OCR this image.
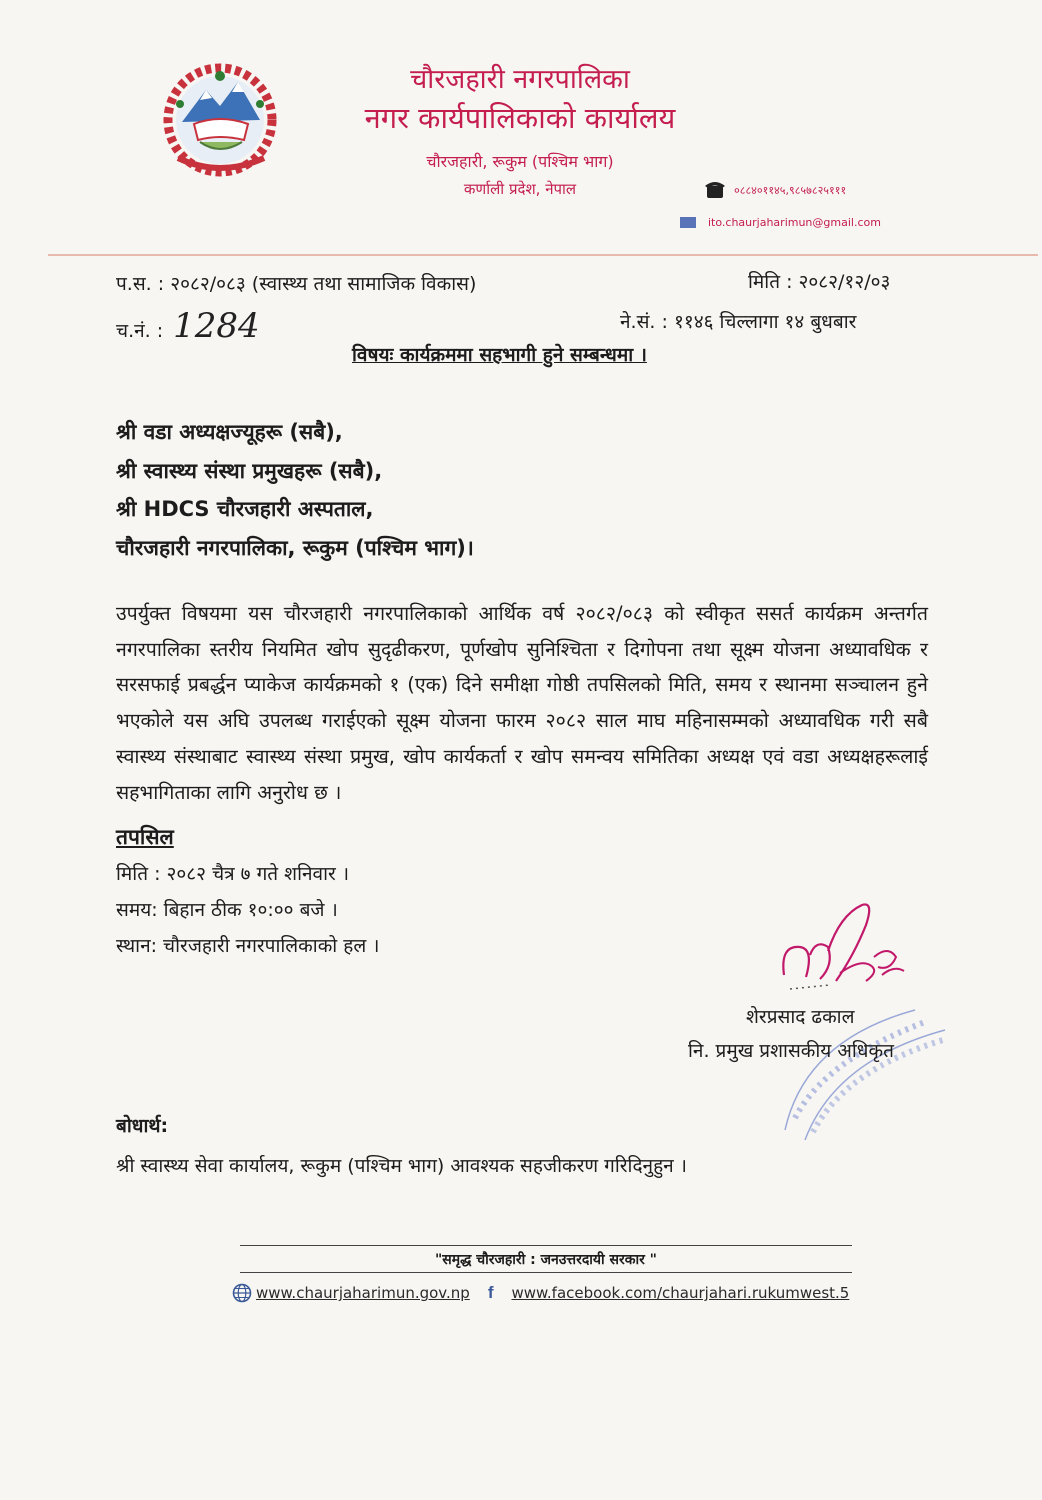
चौरजहारी नगरपालिका
नगर कार्यपालिकाको कार्यालय
चौरजहारी, रूकुम (पश्चिम भाग)
कर्णाली प्रदेश, नेपाल	०८८४०११४५,९८५७८२५१११
ito.chaurjaharimun@gmail.com
प.स. : २०८२/०८३ (स्वास्थ्य तथा सामाजिक विकास)	मिति : २०८२/१२/०३
च.नं. : 1284	ने.सं. : ११४६ चिल्लागा १४ बुधबार
विषयः कार्यक्रममा सहभागी हुने सम्बन्धमा ।
श्री वडा अध्यक्षज्यूहरू (सबै),
श्री स्वास्थ्य संस्था प्रमुखहरू (सबै),
श्री HDCS चौरजहारी अस्पताल,
चौरजहारी नगरपालिका, रूकुम (पश्चिम भाग)।
उपर्युक्त विषयमा यस चौरजहारी नगरपालिकाको आर्थिक वर्ष २०८२/०८३ को स्वीकृत ससर्त कार्यक्रम अन्तर्गत नगरपालिका स्तरीय नियमित खोप सुदृढीकरण, पूर्णखोप सुनिश्चिता र दिगोपना तथा सूक्ष्म योजना अध्यावधिक र सरसफाई प्रबर्द्धन प्याकेज कार्यक्रमको १ (एक) दिने समीक्षा गोष्ठी तपसिलको मिति, समय र स्थानमा सञ्चालन हुने भएकोले यस अघि उपलब्ध गराईएको सूक्ष्म योजना फारम २०८२ साल माघ महिनासम्मको अध्यावधिक गरी सबै स्वास्थ्य संस्थाबाट स्वास्थ्य संस्था प्रमुख, खोप कार्यकर्ता र खोप समन्वय समितिका अध्यक्ष एवं वडा अध्यक्षहरूलाई सहभागिताका लागि अनुरोध छ ।
तपसिल
मिति : २०८२ चैत्र ७ गते शनिवार ।
समय: बिहान ठीक १०:०० बजे ।
स्थान: चौरजहारी नगरपालिकाको हल ।
शेरप्रसाद ढकाल
नि. प्रमुख प्रशासकीय अधिकृत
बोधार्थ:
श्री स्वास्थ्य सेवा कार्यालय, रूकुम (पश्चिम भाग) आवश्यक सहजीकरण गरिदिनुहुन ।
"समृद्ध चौरजहारी : जनउत्तरदायी सरकार "
www.chaurjaharimun.gov.np f www.facebook.com/chaurjahari.rukumwest.5
